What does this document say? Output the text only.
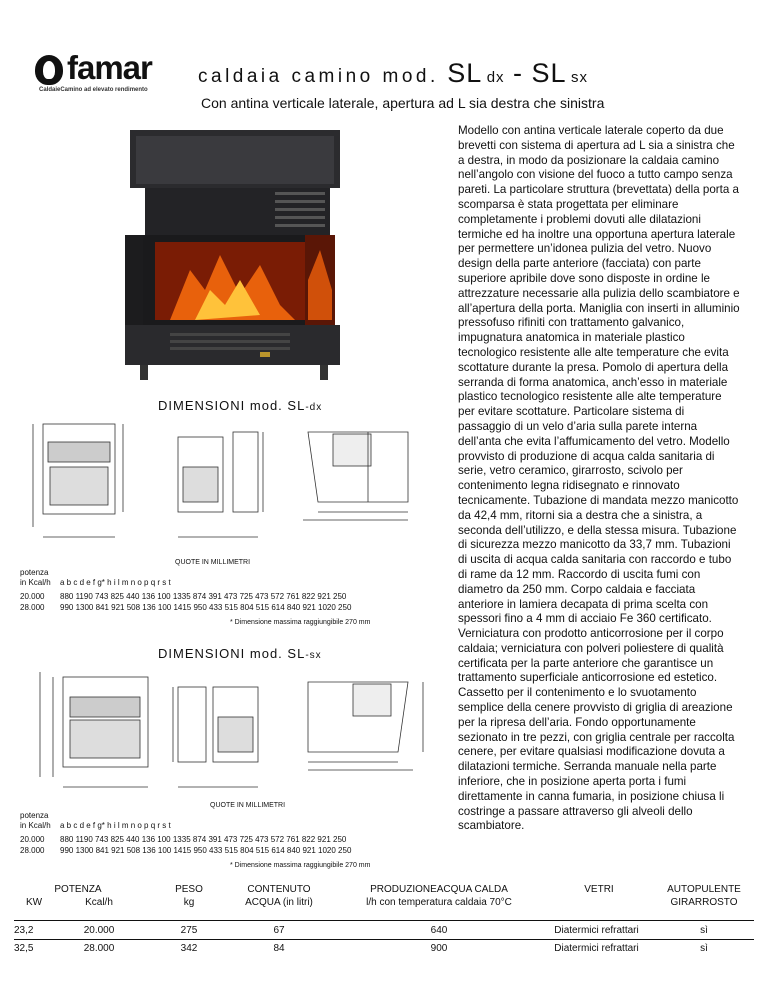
famar
CaldaieCamino ad elevato rendimento
caldaia camino mod. SL dx - SL sx
Con antina verticale laterale, apertura ad L sia destra che sinistra
Modello con antina verticale laterale coperto da due brevetti con sistema di apertura ad L sia a sinistra che a destra, in modo da posizionare la caldaia camino nell’angolo con visione del fuoco a tutto campo senza pareti. La particolare struttura (brevettata) della porta a scomparsa è stata progettata per eliminare completamente i problemi dovuti alle dilatazioni termiche ed ha inoltre una opportuna apertura laterale per permettere un’idonea pulizia del vetro. Nuovo design della parte anteriore (facciata) con parte superiore apribile dove sono disposte in ordine le attrezzature necessarie alla pulizia dello scambiatore e all’apertura della porta. Maniglia con inserti in alluminio pressofuso rifiniti con trattamento galvanico, impugnatura anatomica in materiale plastico tecnologico resistente alle alte temperature che evita scottature durante la presa. Pomolo di apertura della serranda di forma anatomica, anch’esso in materiale plastico tecnologico resistente alle alte temperature per evitare scottature. Particolare sistema di passaggio di un velo d’aria sulla parete interna dell’anta che evita l’affumicamento del vetro. Modello provvisto di produzione di acqua calda sanitaria di serie, vetro ceramico, girarrosto, scivolo per contenimento legna ridisegnato e rinnovato tecnicamente. Tubazione di mandata mezzo manicotto da 42,4 mm, ritorni sia a destra che a sinistra, a seconda dell’utilizzo, e della stessa misura. Tubazione di sicurezza mezzo manicotto da 33,7 mm. Tubazioni di uscita di acqua calda sanitaria con raccordo e tubo di rame da 12 mm. Raccordo di uscita fumi con diametro da 250 mm. Corpo caldaia e facciata anteriore in lamiera decapata di prima scelta con spessori fino a 4 mm di acciaio Fe 360 certificato. Verniciatura con prodotto anticorrosione per il corpo caldaia; verniciatura con polveri poliestere di qualità certificata per la parte anteriore che garantisce un trattamento superficiale anticorrosione ed estetico. Cassetto per il contenimento e lo svuotamento semplice della cenere provvisto di griglia di areazione per la ripresa dell’aria. Fondo opportunamente sezionato in tre pezzi, con griglia centrale per raccolta cenere, per evitare qualsiasi modificazione dovuta a dilatazioni termiche. Serranda manuale nella parte inferiore, che in posizione aperta porta i fumi direttamente in canna fumaria, in posizione chiusa li costringe a passare attraverso gli alveoli dello scambiatore.
DIMENSIONI mod. SL-dx
QUOTE IN MILLIMETRI
potenza
in Kcal/h a b c d e f g* h i l m n o p q r s t
20.000 880 1190 743 825 440 136 100 1335 874 391 473 725 473 572 761 822 921 250
28.000 990 1300 841 921 508 136 100 1415 950 433 515 804 515 614 840 921 1020 250
* Dimensione massima raggiungibile 270 mm
DIMENSIONI mod. SL-sx
QUOTE IN MILLIMETRI
potenza
in Kcal/h a b c d e f g* h i l m n o p q r s t
20.000 880 1190 743 825 440 136 100 1335 874 391 473 725 473 572 761 822 921 250
28.000 990 1300 841 921 508 136 100 1415 950 433 515 804 515 614 840 921 1020 250
* Dimensione massima raggiungibile 270 mm
POTENZA
KW	Kcal/h
PESO
kg
CONTENUTO
ACQUA (in litri)
PRODUZIONEACQUA CALDA
l/h con temperatura caldaia 70°C
VETRI	AUTOPULENTE
GIRARROSTO
23,2	20.000	275	67	640	Diatermici refrattari	sì
32,5	28.000	342	84	900	Diatermici refrattari	sì
